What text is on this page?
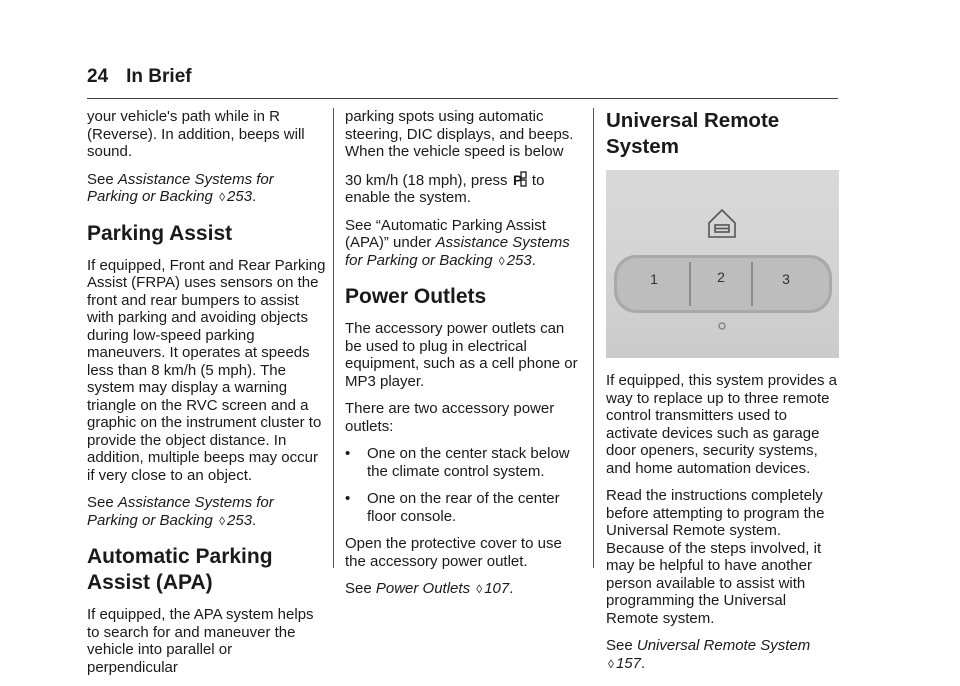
24 In Brief

your vehicle's path while in R (Reverse). In addition, beeps will sound.

See Assistance Systems for Parking or Backing ◊ 253.

Parking Assist

If equipped, Front and Rear Parking Assist (FRPA) uses sensors on the front and rear bumpers to assist with parking and avoiding objects during low-speed parking maneuvers. It operates at speeds less than 8 km/h (5 mph). The system may display a warning triangle on the RVC screen and a graphic on the instrument cluster to provide the object distance. In addition, multiple beeps may occur if very close to an object.

See Assistance Systems for Parking or Backing ◊ 253.

Automatic Parking Assist (APA)

If equipped, the APA system helps to search for and maneuver the vehicle into parallel or perpendicular

parking spots using automatic steering, DIC displays, and beeps. When the vehicle speed is below

30 km/h (18 mph), press P to enable the system.

See “Automatic Parking Assist (APA)” under Assistance Systems for Parking or Backing ◊ 253.

Power Outlets

The accessory power outlets can be used to plug in electrical equipment, such as a cell phone or MP3 player.

There are two accessory power outlets:

•	One on the center stack below the climate control system.
•	One on the rear of the center floor console.

Open the protective cover to use the accessory power outlet.

See Power Outlets ◊ 107.

Universal Remote System
1	2	3

If equipped, this system provides a way to replace up to three remote control transmitters used to activate devices such as garage door openers, security systems, and home automation devices.

Read the instructions completely before attempting to program the Universal Remote system. Because of the steps involved, it may be helpful to have another person available to assist with programming the Universal Remote system.

See Universal Remote System
◊ 157.
